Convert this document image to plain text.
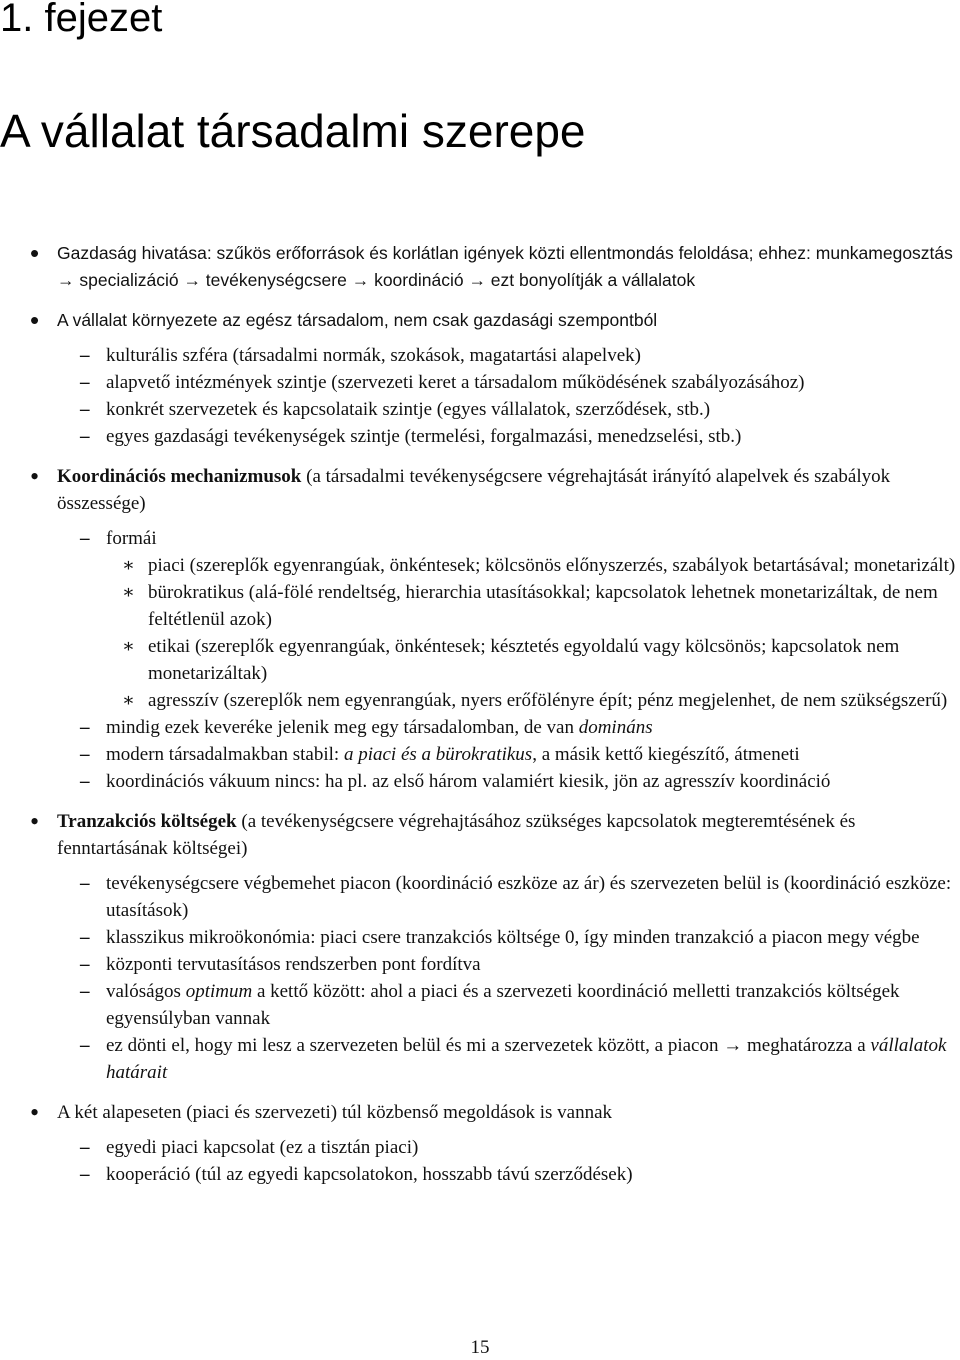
1. fejezet
A vállalat társadalmi szerepe
• Gazdaság hivatása: szűkös erőforrások és korlátlan igények közti ellentmondás feloldása; ehhez: munkamegosztás → specializáció → tevékenységcsere → koordináció → ezt bonyolítják a vállalatok
• A vállalat környezete az egész társadalom, nem csak gazdasági szempontból
– kulturális szféra (társadalmi normák, szokások, magatartási alapelvek)
– alapvető intézmények szintje (szervezeti keret a társadalom működésének szabályozásához)
– konkrét szervezetek és kapcsolataik szintje (egyes vállalatok, szerződések, stb.)
– egyes gazdasági tevékenységek szintje (termelési, forgalmazási, menedzselési, stb.)
• Koordinációs mechanizmusok (a társadalmi tevékenységcsere végrehajtását irányító alapelvek és szabályok összessége)
– formái
∗ piaci (szereplők egyenrangúak, önkéntesek; kölcsönös előnyszerzés, szabályok betartásával; monetarizált)
∗ bürokratikus (alá-fölé rendeltség, hierarchia utasításokkal; kapcsolatok lehetnek monetarizáltak, de nem feltétlenül azok)
∗ etikai (szereplők egyenrangúak, önkéntesek; késztetés egyoldalú vagy kölcsönös; kapcsolatok nem monetarizáltak)
∗ agresszív (szereplők nem egyenrangúak, nyers erőfölényre épít; pénz megjelenhet, de nem szükségszerű)
– mindig ezek keveréke jelenik meg egy társadalomban, de van domináns
– modern társadalmakban stabil: a piaci és a bürokratikus, a másik kettő kiegészítő, átmeneti
– koordinációs vákuum nincs: ha pl. az első három valamiért kiesik, jön az agresszív koordináció
• Tranzakciós költségek (a tevékenységcsere végrehajtásához szükséges kapcsolatok megteremtésének és fenntartásának költségei)
– tevékenységcsere végbemehet piacon (koordináció eszköze az ár) és szervezeten belül is (koordináció eszköze: utasítások)
– klasszikus mikroökonómia: piaci csere tranzakciós költsége 0, így minden tranzakció a piacon megy végbe
– központi tervutasításos rendszerben pont fordítva
– valóságos optimum a kettő között: ahol a piaci és a szervezeti koordináció melletti tranzakciós költségek egyensúlyban vannak
– ez dönti el, hogy mi lesz a szervezeten belül és mi a szervezetek között, a piacon → meghatározza a vállalatok határait
• A két alapeseten (piaci és szervezeti) túl közbenső megoldások is vannak
– egyedi piaci kapcsolat (ez a tisztán piaci)
– kooperáció (túl az egyedi kapcsolatokon, hosszabb távú szerződések)
15
